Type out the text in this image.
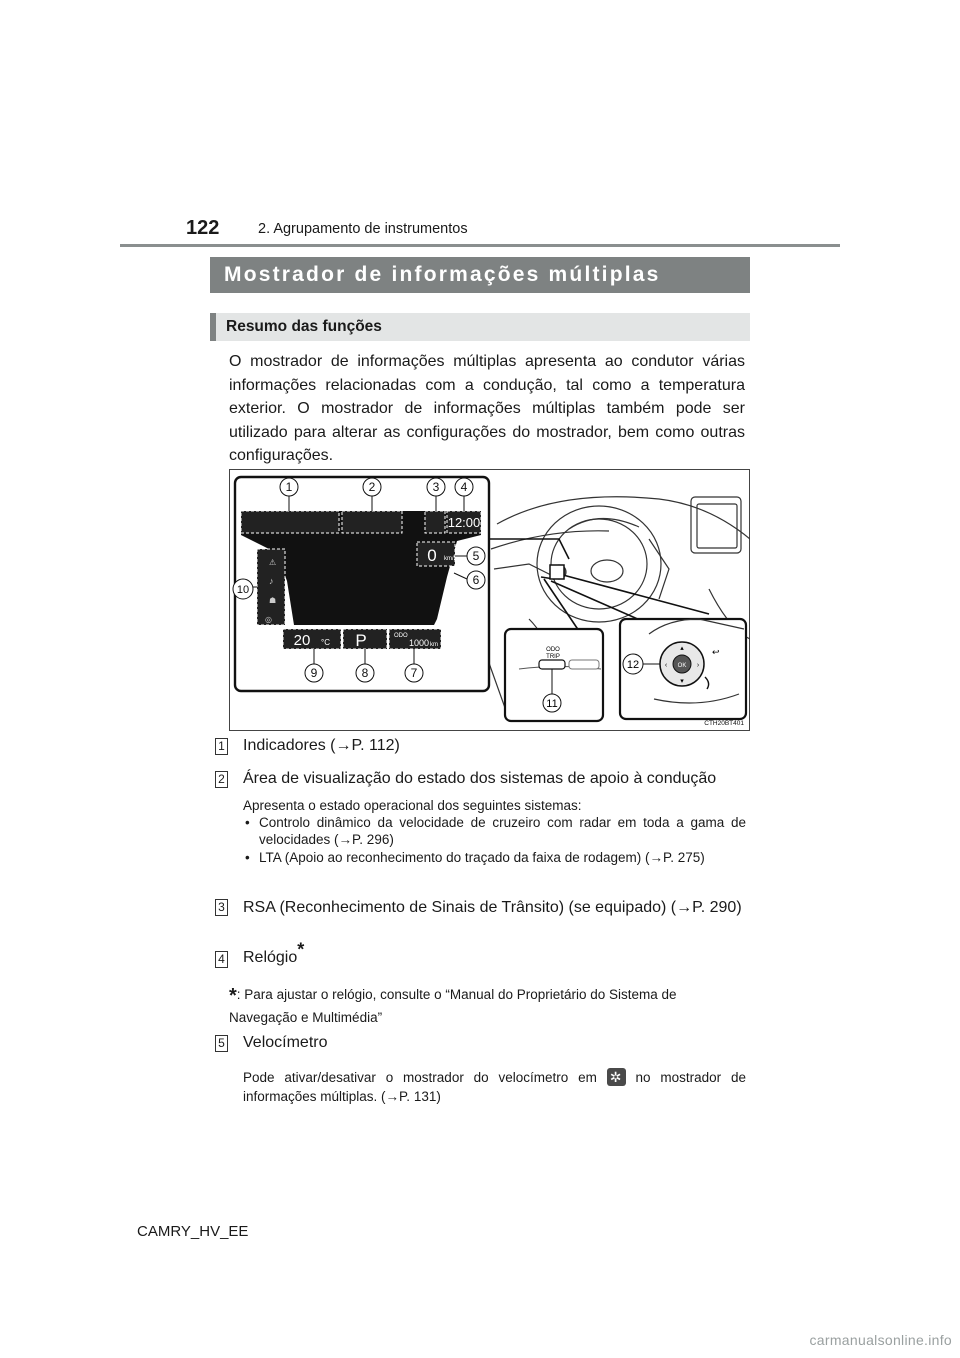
122	2. Agrupamento de instrumentos
Mostrador de informações múltiplas
Resumo das funções

O mostrador de informações múltiplas apresenta ao condutor várias informações relacionadas com a condução, tal como a temperatura exterior. O mostrador de informações múltiplas também pode ser utilizado para alterar as configurações do mostrador, bem como outras configurações.

12:00
0 km/h
⚠
♪
☗
◎
20 °C P	ODO
1000 km
1	2	3 4
5
6
7
8
9
10
ODO
TRIP
11
OK
▴
▾
‹	›
↩
12
CTH20BT401
1 Indicadores (→P. 112)

2 Área de visualização do estado dos sistemas de apoio à condução

Apresenta o estado operacional dos seguintes sistemas:

• Controlo dinâmico da velocidade de cruzeiro com radar em toda a gama de velocidades (→P. 296)
• LTA (Apoio ao reconhecimento do traçado da faixa de rodagem) (→P. 275)
3 RSA (Reconhecimento de Sinais de Trânsito) (se equipado) (→P. 290)

4 Relógio*

*: Para ajustar o relógio, consulte o “Manual do Proprietário do Sistema de Navegação e Multimédia”

5 Velocímetro

Pode ativar/desativar o mostrador do velocímetro em ✲	no mostrador de informações múltiplas. (→P. 131)

CAMRY_HV_EE
carmanualsonline.info
